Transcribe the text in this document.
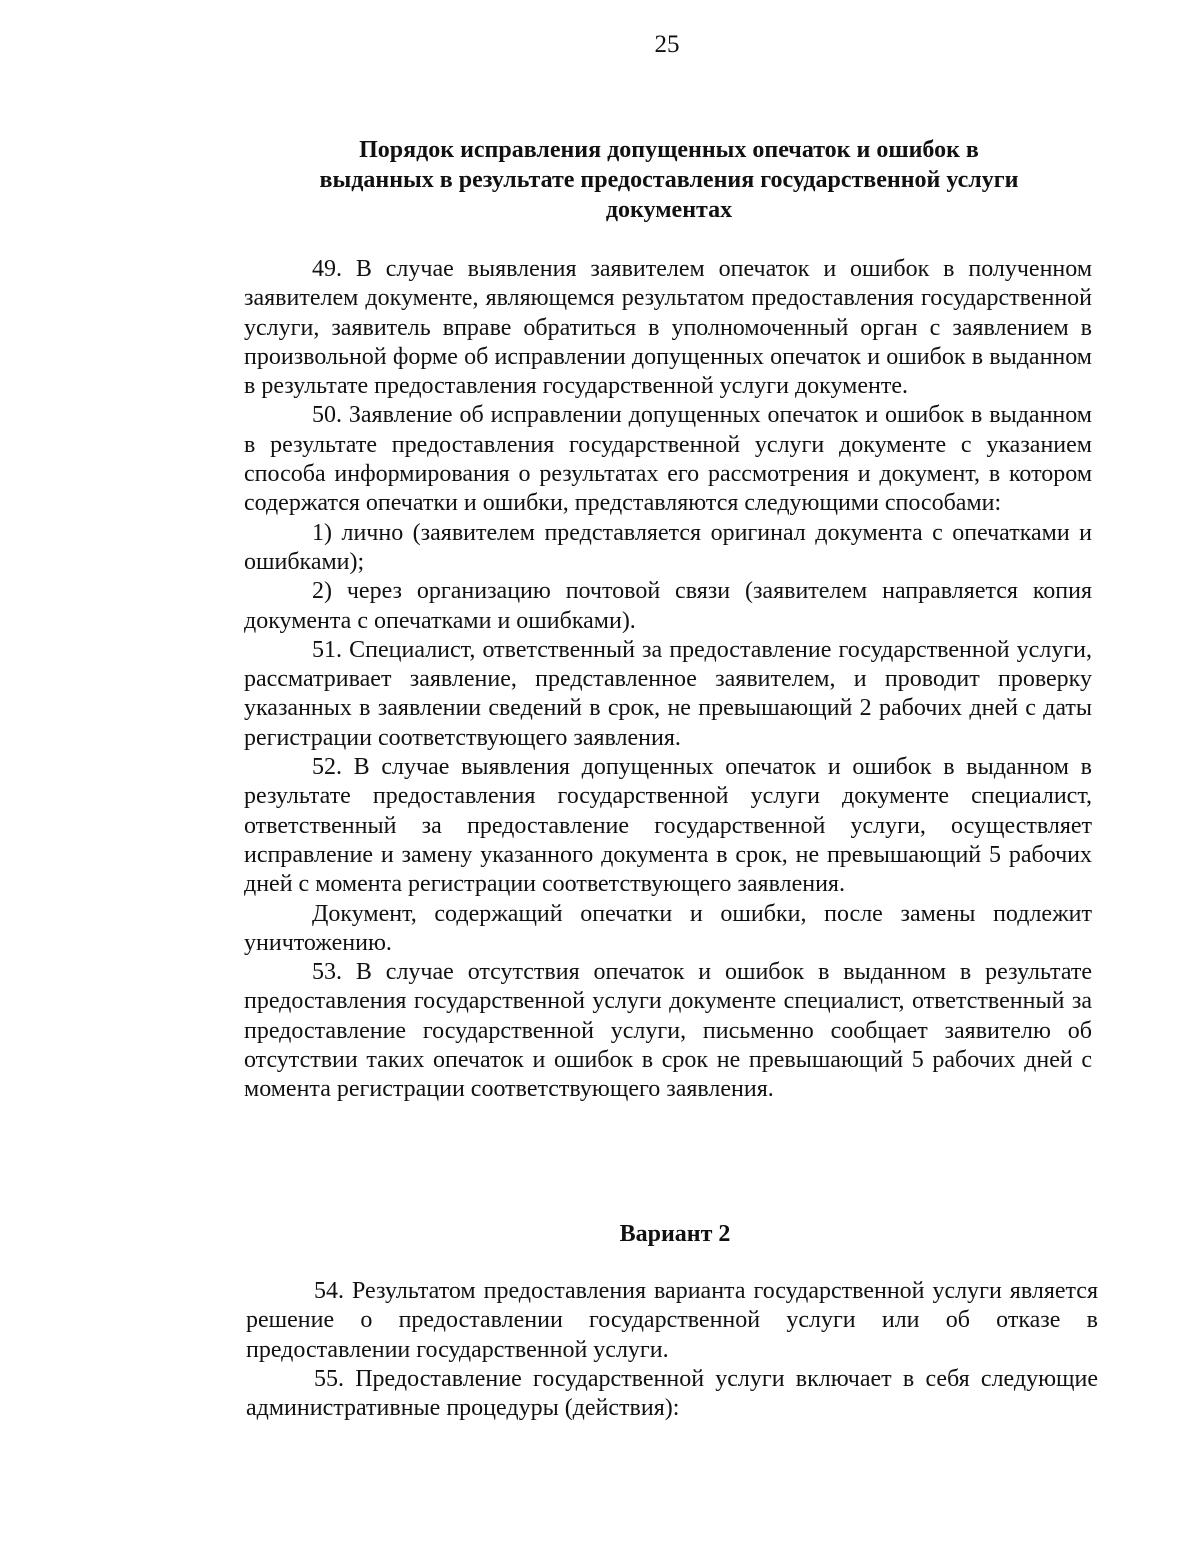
25
Порядок исправления допущенных опечаток и ошибок в
выданных в результате предоставления государственной услуги
документах

49. В случае выявления заявителем опечаток и ошибок в полученном заявителем документе, являющемся результатом предоставления государственной услуги, заявитель вправе обратиться в уполномоченный орган с заявлением в произвольной форме об исправлении допущенных опечаток и ошибок в выданном в результате предоставления государственной услуги документе.

50. Заявление об исправлении допущенных опечаток и ошибок в выданном в результате предоставления государственной услуги документе с указанием способа информирования о результатах его рассмотрения и документ, в котором содержатся опечатки и ошибки, представляются следующими способами:

1) лично (заявителем представляется оригинал документа с опечатками и ошибками);

2) через организацию почтовой связи (заявителем направляется копия документа с опечатками и ошибками).

51. Специалист, ответственный за предоставление государственной услуги, рассматривает заявление, представленное заявителем, и проводит проверку указанных в заявлении сведений в срок, не превышающий 2 рабочих дней с даты регистрации соответствующего заявления.

52. В случае выявления допущенных опечаток и ошибок в выданном в результате предоставления государственной услуги документе специалист, ответственный за предоставление государственной услуги, осуществляет исправление и замену указанного документа в срок, не превышающий 5 рабочих дней с момента регистрации соответствующего заявления.

Документ, содержащий опечатки и ошибки, после замены подлежит уничтожению.

53. В случае отсутствия опечаток и ошибок в выданном в результате предоставления государственной услуги документе специалист, ответственный за предоставление государственной услуги, письменно сообщает заявителю об отсутствии таких опечаток и ошибок в срок не превышающий 5 рабочих дней с момента регистрации соответствующего заявления.

Вариант 2

54. Результатом предоставления варианта государственной услуги является решение о предоставлении государственной услуги или об отказе в предоставлении государственной услуги.

55. Предоставление государственной услуги включает в себя следующие административные процедуры (действия):
